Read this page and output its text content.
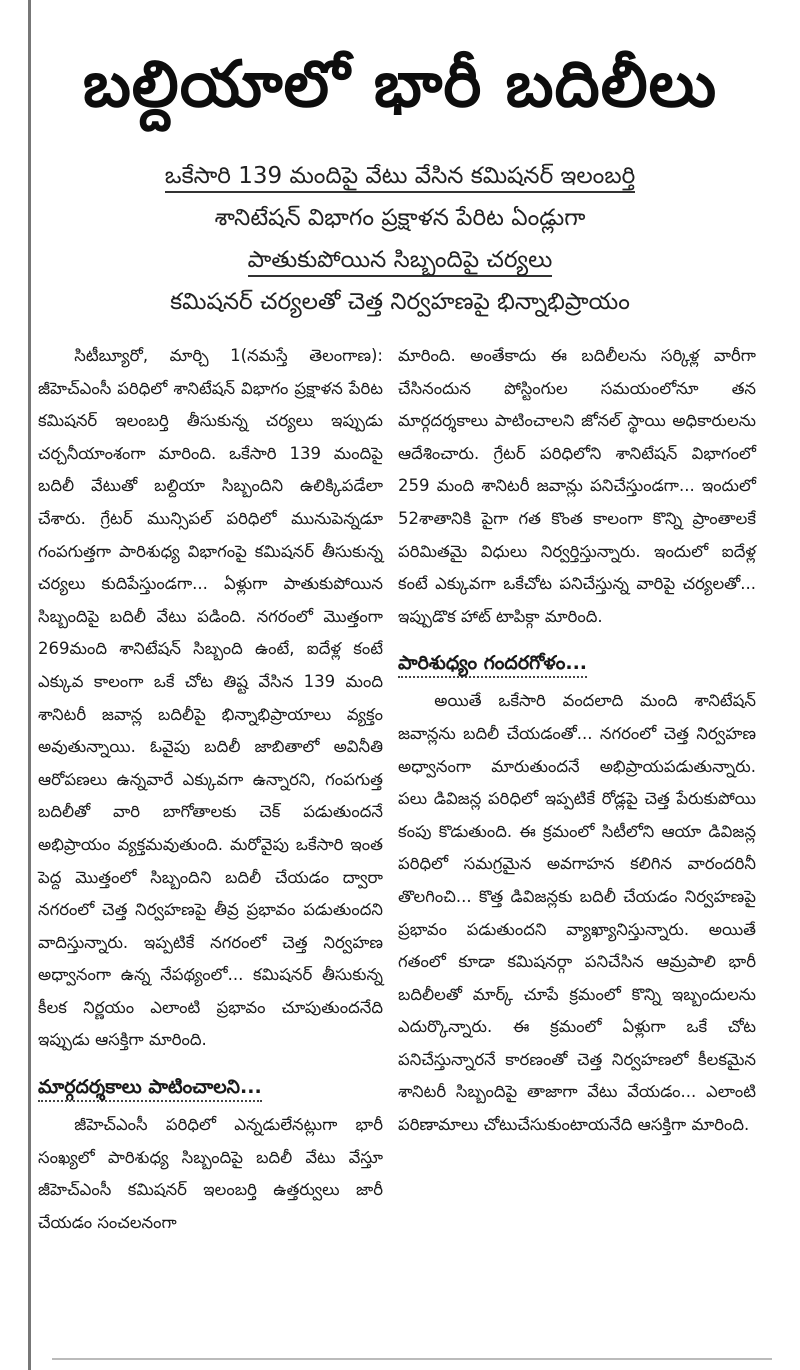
బల్దియాలో భారీ బదిలీలు
ఒకేసారి 139 మందిపై వేటు వేసిన కమిషనర్ ఇలంబర్తి
శానిటేషన్ విభాగం ప్రక్షాళన పేరిట ఏండ్లుగా
పాతుకుపోయిన సిబ్బందిపై చర్యలు
కమిషనర్ చర్యలతో చెత్త నిర్వహణపై భిన్నాభిప్రాయం

సిటీబ్యూరో, మార్చి 1(నమస్తే తెలంగాణ): జీహెచ్ఎంసీ పరిధిలో శానిటేషన్ విభాగం ప్రక్షాళన పేరిట కమిషనర్ ఇలంబర్తి తీసుకున్న చర్యలు ఇప్పుడు చర్చనీయాంశంగా మారింది. ఒకేసారి 139 మందిపై బదిలీ వేటుతో బల్దియా సిబ్బందిని ఉలిక్కిపడేలా చేశారు. గ్రేటర్ మున్సిపల్ పరిధిలో మునుపెన్నడూ గంపగుత్తగా పారిశుధ్య విభాగంపై కమిషనర్ తీసుకున్న చర్యలు కుదిపేస్తుండగా... ఏళ్లుగా పాతుకుపోయిన సిబ్బందిపై బదిలీ వేటు పడింది. నగరంలో మొత్తంగా 269మంది శానిటేషన్ సిబ్బంది ఉంటే, ఐదేళ్ల కంటే ఎక్కువ కాలంగా ఒకే చోట తిష్ట వేసిన 139 మంది శానిటరీ జవాన్ల బదిలీపై భిన్నాభిప్రాయాలు వ్యక్తం అవుతున్నాయి. ఓవైపు బదిలీ జాబితాలో అవినీతి ఆరోపణలు ఉన్నవారే ఎక్కువగా ఉన్నారని, గంపగుత్త బదిలీతో వారి బాగోతాలకు చెక్ పడుతుందనే అభిప్రాయం వ్యక్తమవుతుంది. మరోవైపు ఒకేసారి ఇంత పెద్ద మొత్తంలో సిబ్బందిని బదిలీ చేయడం ద్వారా నగరంలో చెత్త నిర్వహణపై తీవ్ర ప్రభావం పడుతుందని వాదిస్తున్నారు. ఇప్పటికే నగరంలో చెత్త నిర్వహణ అధ్వానంగా ఉన్న నేపథ్యంలో... కమిషనర్ తీసుకున్న కీలక నిర్ణయం ఎలాంటి ప్రభావం చూపుతుందనేది ఇప్పుడు ఆసక్తిగా మారింది.

మార్గదర్శకాలు పాటించాలని...

జీహెచ్ఎంసీ పరిధిలో ఎన్నడులేనట్లుగా భారీ సంఖ్యలో పారిశుధ్య సిబ్బందిపై బదిలీ వేటు వేస్తూ జీహెచ్ఎంసీ కమిషనర్ ఇలంబర్తి ఉత్తర్వులు జారీ చేయడం సంచలనంగా

మారింది. అంతేకాదు ఈ బదిలీలను సర్కిళ్ల వారీగా చేసినందున పోస్టింగుల సమయంలోనూ తన మార్గదర్శకాలు పాటించాలని జోనల్ స్థాయి అధికారులను ఆదేశించారు. గ్రేటర్ పరిధిలోని శానిటేషన్ విభాగంలో 259 మంది శానిటరీ జవాన్లు పనిచేస్తుండగా... ఇందులో 52శాతానికి పైగా గత కొంత కాలంగా కొన్ని ప్రాంతాలకే పరిమితమై విధులు నిర్వర్తిస్తున్నారు. ఇందులో ఐదేళ్ల కంటే ఎక్కువగా ఒకేచోట పనిచేస్తున్న వారిపై చర్యలతో... ఇప్పుడొక హాట్ టాపిక్గా మారింది.

పారిశుధ్యం గందరగోళం...

అయితే ఒకేసారి వందలాది మంది శానిటేషన్ జవాన్లను బదిలీ చేయడంతో... నగరంలో చెత్త నిర్వహణ అధ్వానంగా మారుతుందనే అభిప్రాయపడుతున్నారు. పలు డివిజన్ల పరిధిలో ఇప్పటికే రోడ్లపై చెత్త పేరుకుపోయి కంపు కొడుతుంది. ఈ క్రమంలో సిటీలోని ఆయా డివిజన్ల పరిధిలో సమగ్రమైన అవగాహన కలిగిన వారందరినీ తొలగించి... కొత్త డివిజన్లకు బదిలీ చేయడం నిర్వహణపై ప్రభావం పడుతుందని వ్యాఖ్యానిస్తున్నారు. అయితే గతంలో కూడా కమిషనర్గా పనిచేసిన ఆమ్రపాలి భారీ బదిలీలతో మార్క్ చూపే క్రమంలో కొన్ని ఇబ్బందులను ఎదుర్కొన్నారు. ఈ క్రమంలో ఏళ్లుగా ఒకే చోట పనిచేస్తున్నారనే కారణంతో చెత్త నిర్వహణలో కీలకమైన శానిటరీ సిబ్బందిపై తాజాగా వేటు వేయడం... ఎలాంటి పరిణామాలు చోటుచేసుకుంటాయనేది ఆసక్తిగా మారింది.
